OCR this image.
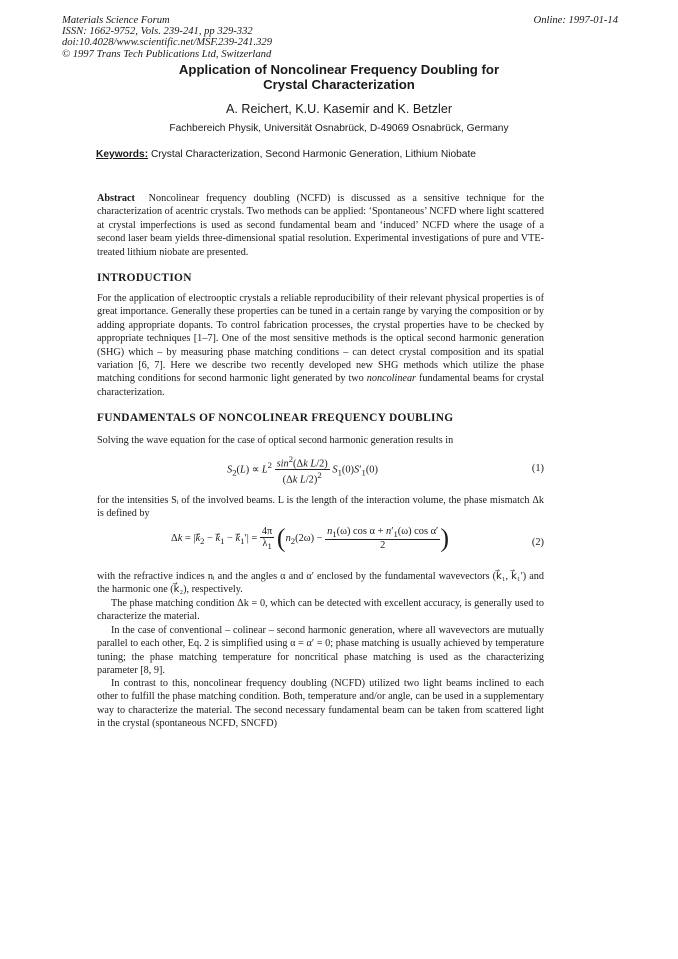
Materials Science Forum
ISSN: 1662-9752, Vols. 239-241, pp 329-332
doi:10.4028/www.scientific.net/MSF.239-241.329
© 1997 Trans Tech Publications Ltd, Switzerland
Online: 1997-01-14
Application of Noncolinear Frequency Doubling for
Crystal Characterization
A. Reichert, K.U. Kasemir and K. Betzler
Fachbereich Physik, Universität Osnabrück, D-49069 Osnabrück, Germany
Keywords: Crystal Characterization, Second Harmonic Generation, Lithium Niobate
Abstract Noncolinear frequency doubling (NCFD) is discussed as a sensitive technique for the characterization of acentric crystals. Two methods can be applied: ‘Spontaneous’ NCFD where light scattered at crystal imperfections is used as second fundamental beam and ‘induced’ NCFD where the usage of a second laser beam yields three-dimensional spatial resolution. Experimental investigations of pure and VTE-treated lithium niobate are presented.
INTRODUCTION
For the application of electrooptic crystals a reliable reproducibility of their relevant physical properties is of great importance. Generally these properties can be tuned in a certain range by varying the composition or by adding appropriate dopants. To control fabrication processes, the crystal properties have to be checked by appropriate techniques [1–7]. One of the most sensitive methods is the optical second harmonic generation (SHG) which – by measuring phase matching conditions – can detect crystal composition and its spatial variation [6, 7]. Here we describe two recently developed new SHG methods which utilize the phase matching conditions for second harmonic light generated by two noncolinear fundamental beams for crystal characterization.
FUNDAMENTALS OF NONCOLINEAR FREQUENCY DOUBLING
Solving the wave equation for the case of optical second harmonic generation results in
$S_2(L) \propto L^2 \frac{\sin^2(\Delta k L/2)}{(\Delta k L/2)^2} S_1(0)S'_1(0)$	(1)
for the intensities Sᵢ of the involved beams. L is the length of the interaction volume, the phase mismatch Δk is defined by
$\Delta k = |k_2 - k_1 - k_1'| = \frac{4\pi}{\lambda_1} (n_2(2\omega) - \frac{n_1(\omega) \cos \alpha + n'_1(\omega) \cos \alpha'}{2}$ )	(2)
with the refractive indices nᵢ and the angles α and α′ enclosed by the fundamental wavevectors (k⃗₁, k⃗₁′) and the harmonic one (k⃗₂), respectively.
The phase matching condition Δk = 0, which can be detected with excellent accuracy, is generally used to characterize the material.
In the case of conventional – colinear – second harmonic generation, where all wavevectors are mutually parallel to each other, Eq. 2 is simplified using α = α′ = 0; phase matching is usually achieved by temperature tuning; the phase matching temperature for noncritical phase matching is used as the characterizing parameter [8, 9].
In contrast to this, noncolinear frequency doubling (NCFD) utilized two light beams inclined to each other to fulfill the phase matching condition. Both, temperature and/or angle, can be used in a supplementary way to characterize the material. The second necessary fundamental beam can be taken from scattered light in the crystal (spontaneous NCFD, SNCFD)
